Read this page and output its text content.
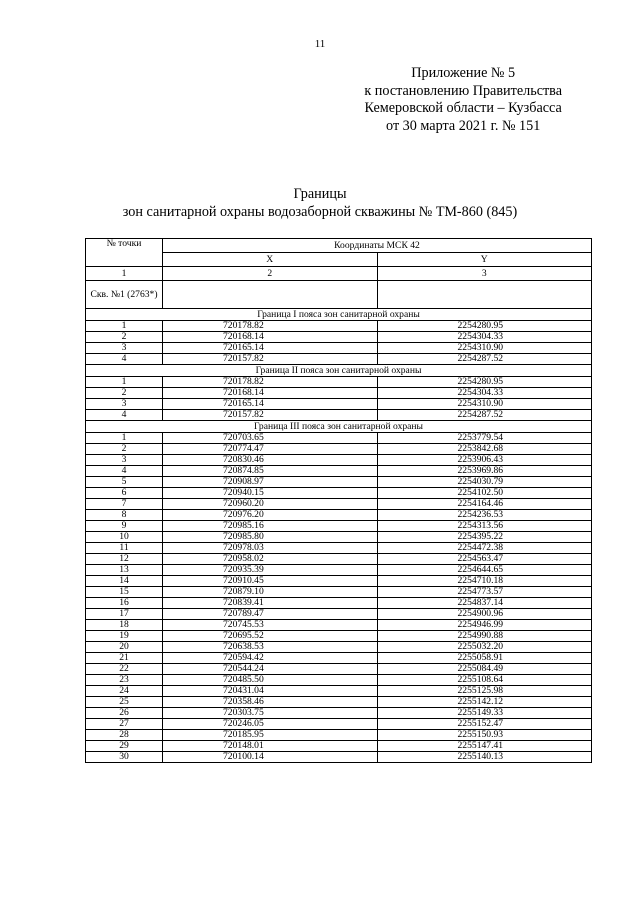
11
Приложение № 5
к постановлению Правительства
Кемеровской области – Кузбасса
от 30 марта 2021 г. № 151
Границы
зон санитарной охраны водозаборной скважины № ТМ-860 (845)
№ точки	Координаты МСК 42	
	X	Y
1	2	3
Скв. №1 (2763*)		
Граница I пояса зон санитарной охраны		
1	720178.82	2254280.95
2	720168.14	2254304.33
3	720165.14	2254310.90
4	720157.82	2254287.52
Граница II пояса зон санитарной охраны		
1	720178.82	2254280.95
2	720168.14	2254304.33
3	720165.14	2254310.90
4	720157.82	2254287.52
Граница III пояса зон санитарной охраны		
1	720703.65	2253779.54
2	720774.47	2253842.68
3	720830.46	2253906.43
4	720874.85	2253969.86
5	720908.97	2254030.79
6	720940.15	2254102.50
7	720960.20	2254164.46
8	720976.20	2254236.53
9	720985.16	2254313.56
10	720985.80	2254395.22
11	720978.03	2254472.38
12	720958.02	2254563.47
13	720935.39	2254644.65
14	720910.45	2254710.18
15	720879.10	2254773.57
16	720839.41	2254837.14
17	720789.47	2254900.96
18	720745.53	2254946.99
19	720695.52	2254990.88
20	720638.53	2255032.20
21	720594.42	2255058.91
22	720544.24	2255084.49
23	720485.50	2255108.64
24	720431.04	2255125.98
25	720358.46	2255142.12
26	720303.75	2255149.33
27	720246.05	2255152.47
28	720185.95	2255150.93
29	720148.01	2255147.41
30	720100.14	2255140.13
